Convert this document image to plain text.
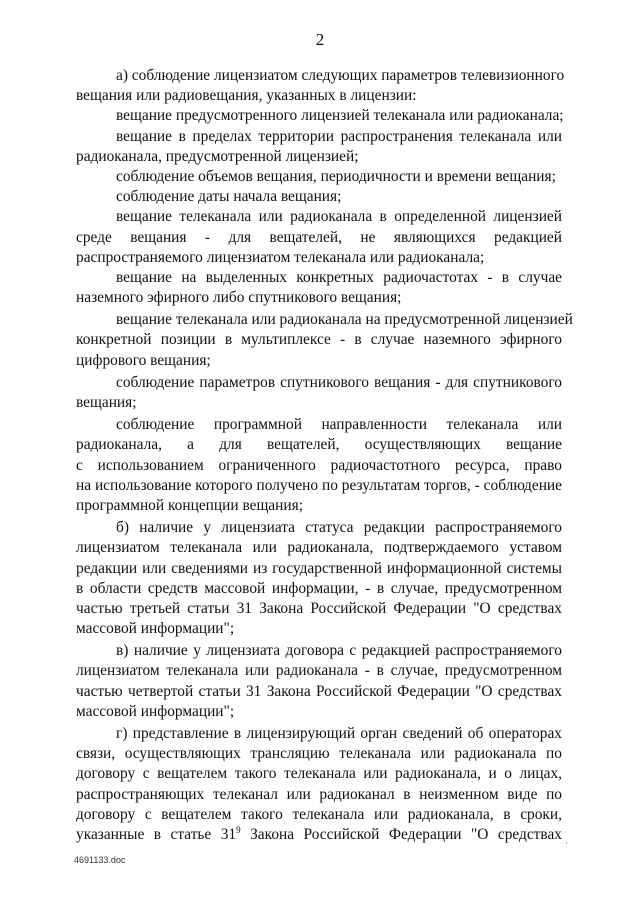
2
а) соблюдение лицензиатом следующих параметров телевизионного
вещания или радиовещания, указанных в лицензии:
вещание предусмотренного лицензией телеканала или радиоканала;
вещание в пределах территории распространения телеканала или
радиоканала, предусмотренной лицензией;
соблюдение объемов вещания, периодичности и времени вещания;
соблюдение даты начала вещания;
вещание телеканала или радиоканала в определенной лицензией
среде вещания - для вещателей, не являющихся редакцией
распространяемого лицензиатом телеканала или радиоканала;
вещание на выделенных конкретных радиочастотах - в случае
наземного эфирного либо спутникового вещания;
вещание телеканала или радиоканала на предусмотренной лицензией
конкретной позиции в мультиплексе - в случае наземного эфирного
цифрового вещания;
соблюдение параметров спутникового вещания - для спутникового
вещания;
соблюдение программной направленности телеканала или
радиоканала, а для вещателей, осуществляющих вещание
с использованием ограниченного радиочастотного ресурса, право
на использование которого получено по результатам торгов, - соблюдение
программной концепции вещания;
б) наличие у лицензиата статуса редакции распространяемого
лицензиатом телеканала или радиоканала, подтверждаемого уставом
редакции или сведениями из государственной информационной системы
в области средств массовой информации, - в случае, предусмотренном
частью третьей статьи 31 Закона Российской Федерации "О средствах
массовой информации";
в) наличие у лицензиата договора с редакцией распространяемого
лицензиатом телеканала или радиоканала - в случае, предусмотренном
частью четвертой статьи 31 Закона Российской Федерации "О средствах
массовой информации";
г) представление в лицензирующий орган сведений об операторах
связи, осуществляющих трансляцию телеканала или радиоканала по
договору с вещателем такого телеканала или радиоканала, и о лицах,
распространяющих телеканал или радиоканал в неизменном виде по
договору с вещателем такого телеканала или радиоканала, в сроки,
указанные в статье $31^9$ Закона Российской Федерации "О средствах
·
4691133.doc
